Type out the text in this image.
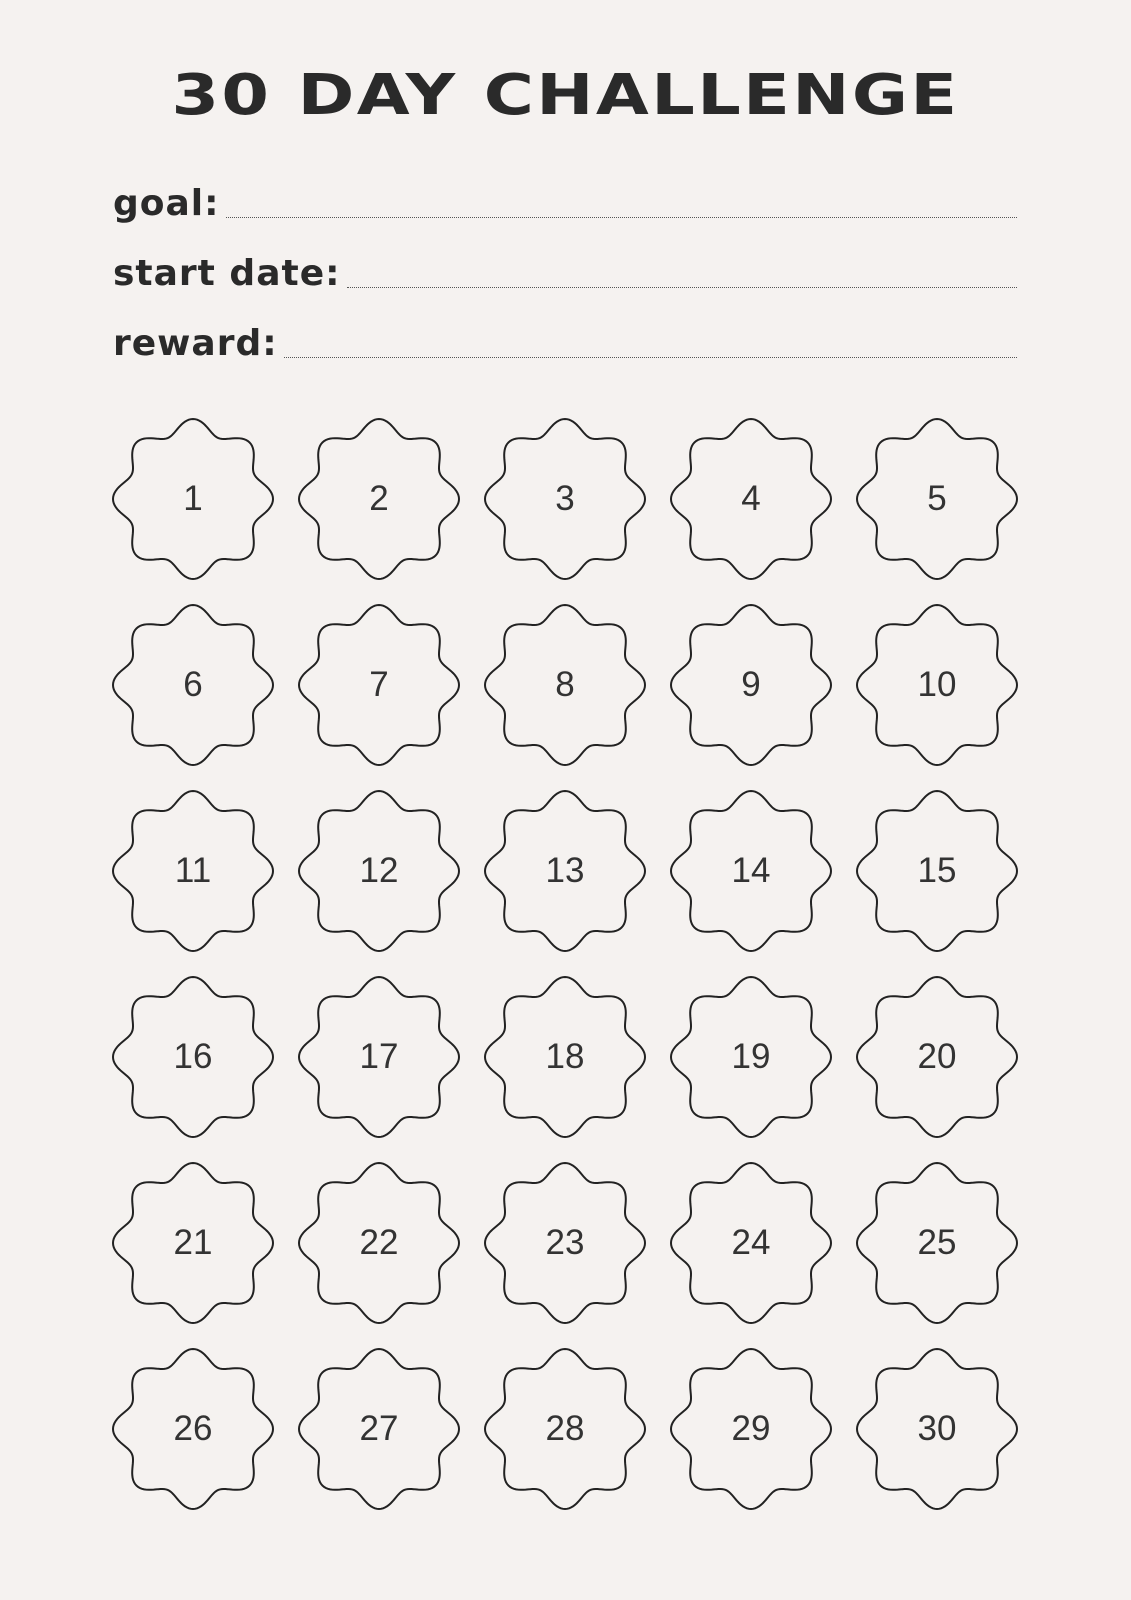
30 DAY CHALLENGE
goal:
start date:
reward:
1	2	3	4	5
6	7	8	9	10
11	12	13	14	15
16	17	18	19	20
21	22	23	24	25
26	27	28	29	30
